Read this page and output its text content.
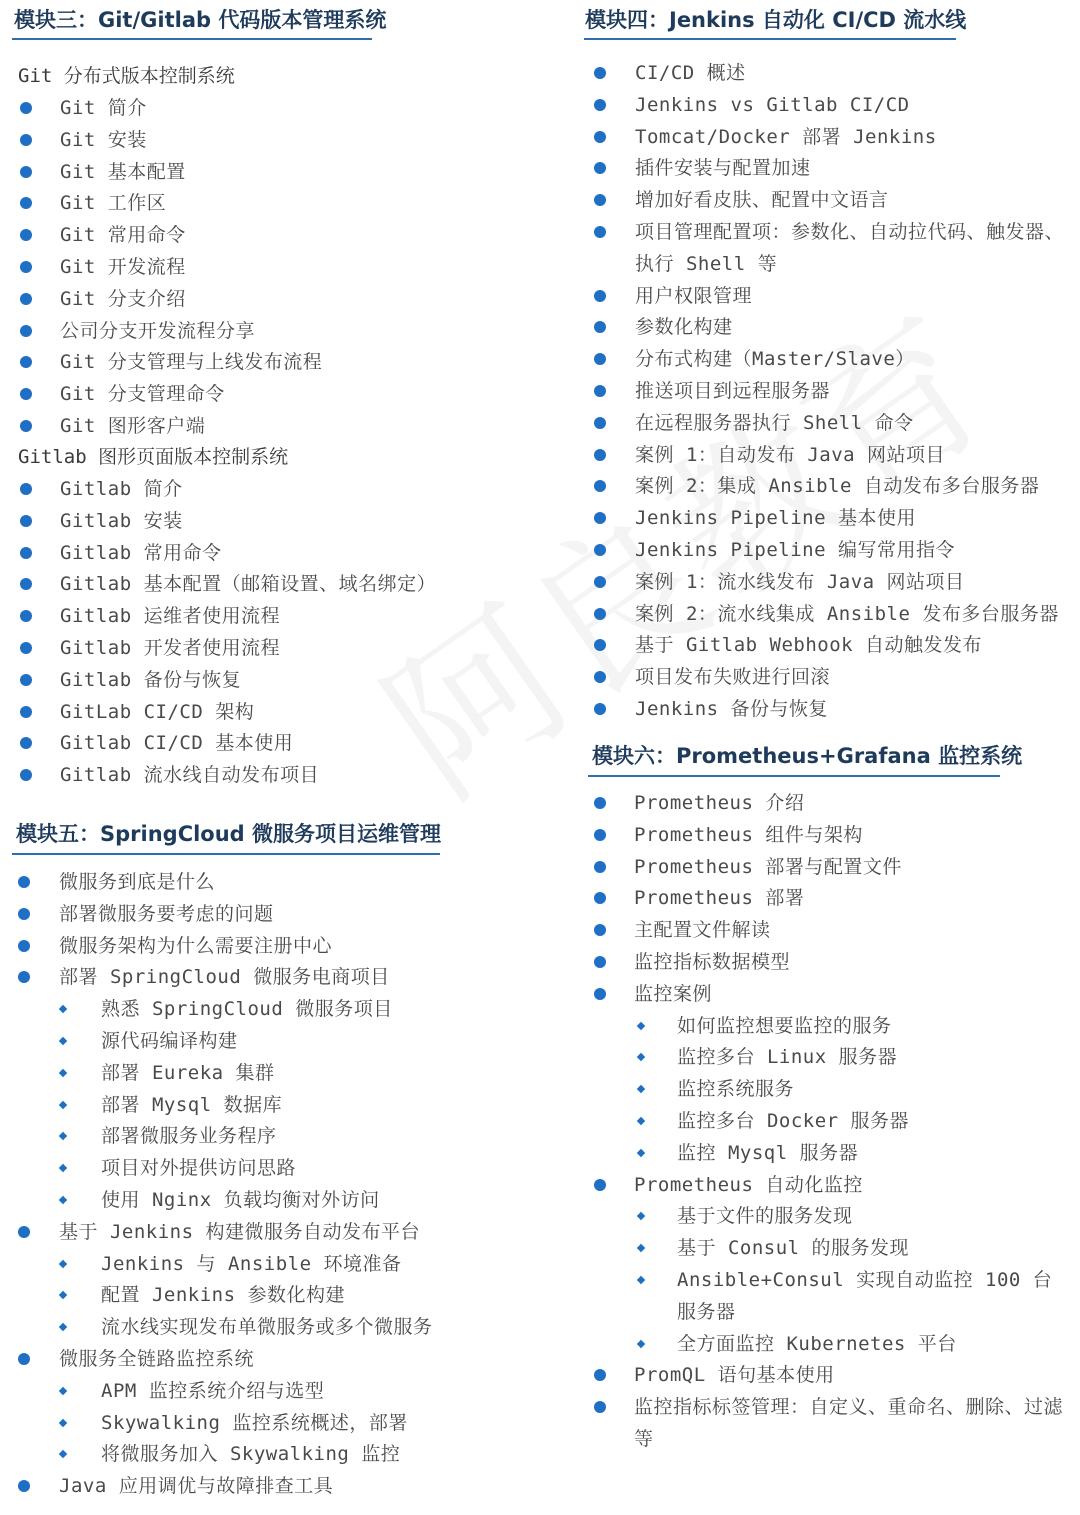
模块三：Git/Gitlab 代码版本管理系统
Git 分布式版本控制系统
Gitlab 图形页面版本控制系统
模块五：SpringCloud 微服务项目运维管理
Git 简介
Git 安装
Git 基本配置
Git 工作区
Git 常用命令
Git 开发流程
Git 分支介绍
公司分支开发流程分享
Git 分支管理与上线发布流程
Git 分支管理命令
Git 图形客户端
Gitlab 简介
Gitlab 安装
Gitlab 常用命令
Gitlab 基本配置（邮箱设置、域名绑定）
Gitlab 运维者使用流程
Gitlab 开发者使用流程
Gitlab 备份与恢复
GitLab CI/CD 架构
Gitlab CI/CD 基本使用
Gitlab 流水线自动发布项目
微服务到底是什么
部署微服务要考虑的问题
微服务架构为什么需要注册中心
部署 SpringCloud 微服务电商项目
熟悉 SpringCloud 微服务项目
源代码编译构建
部署 Eureka 集群
部署 Mysql 数据库
部署微服务业务程序
项目对外提供访问思路
使用 Nginx 负载均衡对外访问
基于 Jenkins 构建微服务自动发布平台
Jenkins 与 Ansible 环境准备
配置 Jenkins 参数化构建
流水线实现发布单微服务或多个微服务
微服务全链路监控系统
APM 监控系统介绍与选型
Skywalking 监控系统概述，部署
将微服务加入 Skywalking 监控
Java 应用调优与故障排查工具
模块四：Jenkins 自动化 CI/CD 流水线
模块六：Prometheus+Grafana 监控系统
CI/CD 概述
Jenkins vs Gitlab CI/CD
Tomcat/Docker 部署 Jenkins
插件安装与配置加速
增加好看皮肤、配置中文语言
项目管理配置项：参数化、自动拉代码、触发器、执行 Shell 等
用户权限管理
参数化构建
分布式构建（Master/Slave）
推送项目到远程服务器
在远程服务器执行 Shell 命令
案例 1：自动发布 Java 网站项目
案例 2：集成 Ansible 自动发布多台服务器
Jenkins Pipeline 基本使用
Jenkins Pipeline 编写常用指令
案例 1：流水线发布 Java 网站项目
案例 2：流水线集成 Ansible 发布多台服务器
基于 Gitlab Webhook 自动触发发布
项目发布失败进行回滚
Jenkins 备份与恢复
Prometheus 介绍
Prometheus 组件与架构
Prometheus 部署与配置文件
Prometheus 部署
主配置文件解读
监控指标数据模型
监控案例
如何监控想要监控的服务
监控多台 Linux 服务器
监控系统服务
监控多台 Docker 服务器
监控 Mysql 服务器
Prometheus 自动化监控
基于文件的服务发现
基于 Consul 的服务发现
Ansible+Consul 实现自动监控 100 台服务器
全方面监控 Kubernetes 平台
PromQL 语句基本使用
监控指标标签管理：自定义、重命名、删除、过滤等
